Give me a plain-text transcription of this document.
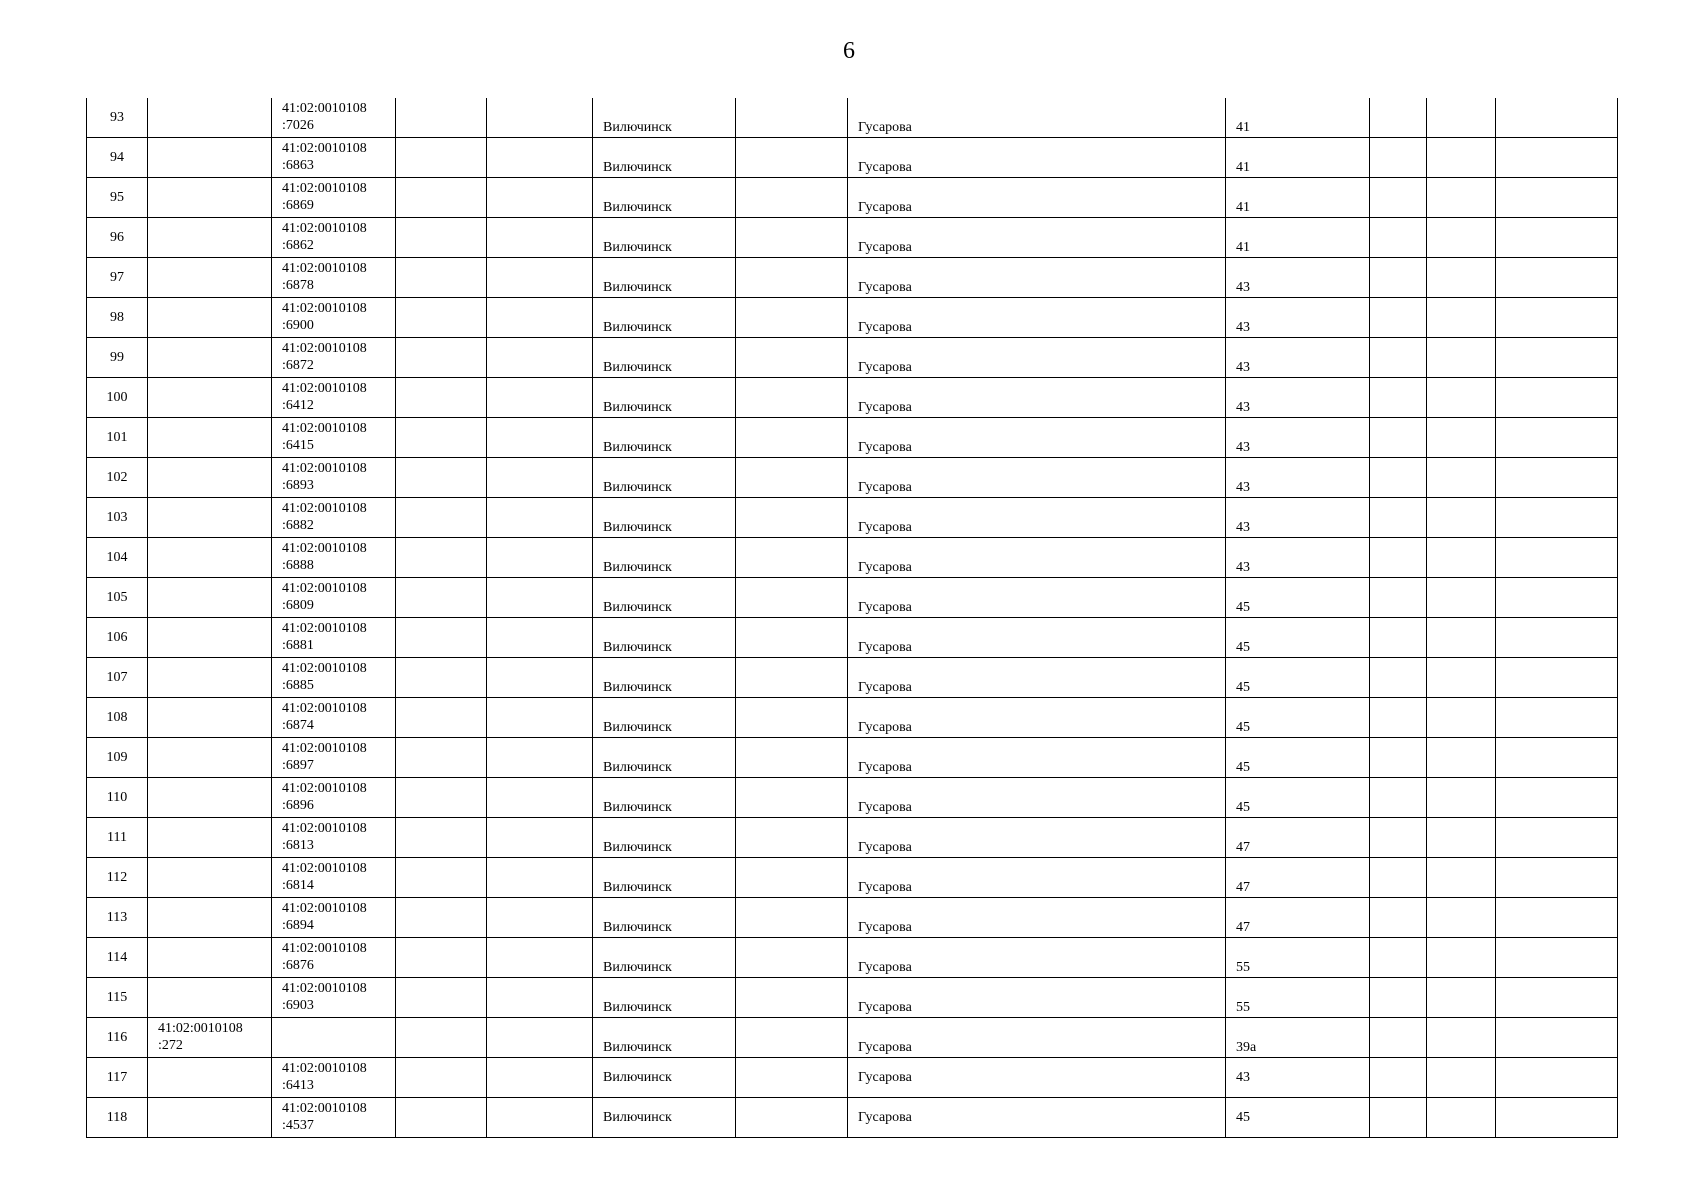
6
93		41:02:0010108
:7026			Вилючинск		Гусарова	41			
94		41:02:0010108
:6863			Вилючинск		Гусарова	41			
95		41:02:0010108
:6869			Вилючинск		Гусарова	41			
96		41:02:0010108
:6862			Вилючинск		Гусарова	41			
97		41:02:0010108
:6878			Вилючинск		Гусарова	43			
98		41:02:0010108
:6900			Вилючинск		Гусарова	43			
99		41:02:0010108
:6872			Вилючинск		Гусарова	43			
100		41:02:0010108
:6412			Вилючинск		Гусарова	43			
101		41:02:0010108
:6415			Вилючинск		Гусарова	43			
102		41:02:0010108
:6893			Вилючинск		Гусарова	43			
103		41:02:0010108
:6882			Вилючинск		Гусарова	43			
104		41:02:0010108
:6888			Вилючинск		Гусарова	43			
105		41:02:0010108
:6809			Вилючинск		Гусарова	45			
106		41:02:0010108
:6881			Вилючинск		Гусарова	45			
107		41:02:0010108
:6885			Вилючинск		Гусарова	45			
108		41:02:0010108
:6874			Вилючинск		Гусарова	45			
109		41:02:0010108
:6897			Вилючинск		Гусарова	45			
110		41:02:0010108
:6896			Вилючинск		Гусарова	45			
111		41:02:0010108
:6813			Вилючинск		Гусарова	47			
112		41:02:0010108
:6814			Вилючинск		Гусарова	47			
113		41:02:0010108
:6894			Вилючинск		Гусарова	47			
114		41:02:0010108
:6876			Вилючинск		Гусарова	55			
115		41:02:0010108
:6903			Вилючинск		Гусарова	55			
116	41:02:0010108
:272				Вилючинск		Гусарова	39а			
117		41:02:0010108
:6413			Вилючинск		Гусарова	43			
118		41:02:0010108
:4537			Вилючинск		Гусарова	45			
